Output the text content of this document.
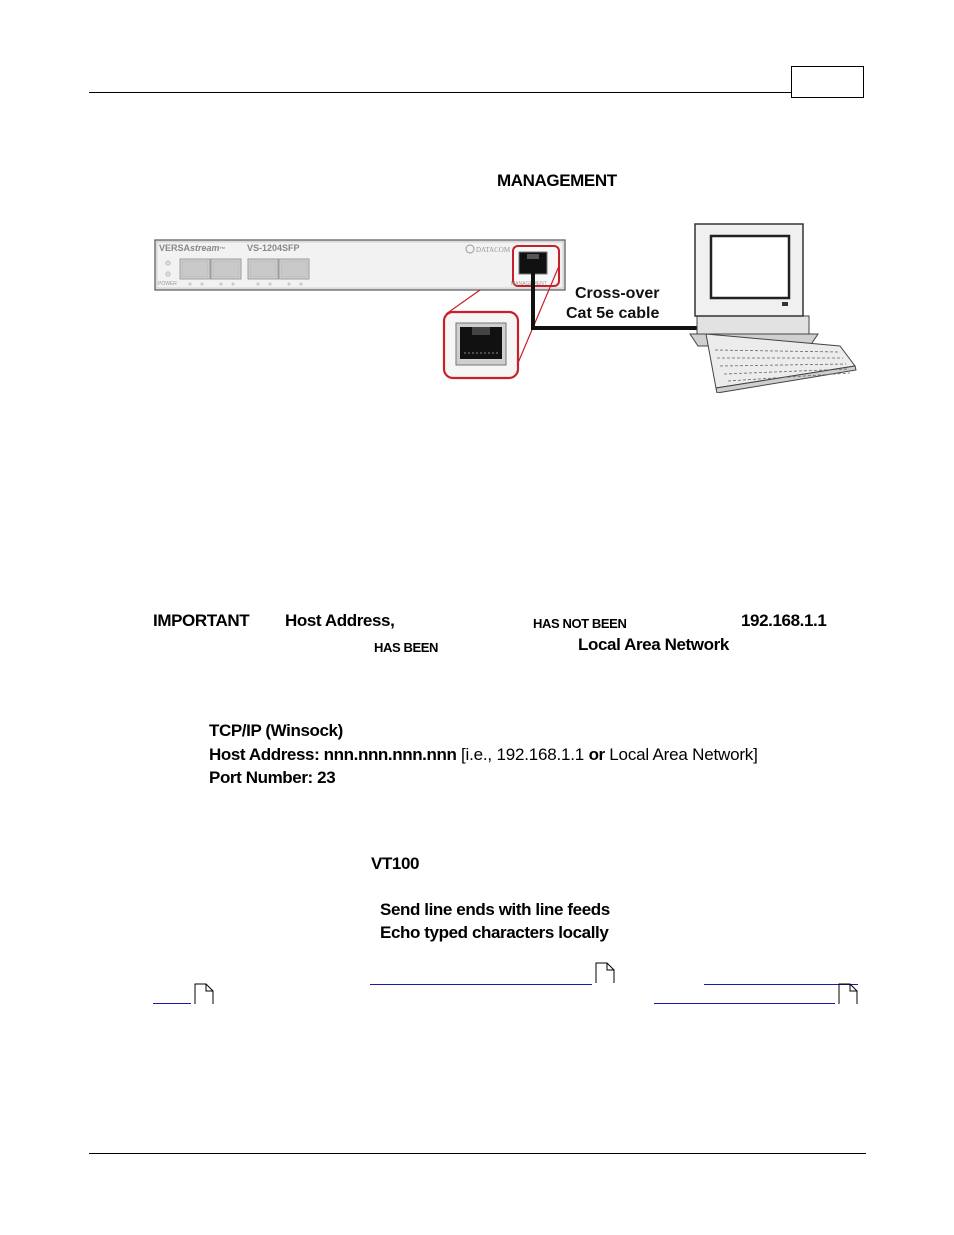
MANAGEMENT
VERSAstream™ VS-1204SFP	DATACOM
POWER	MANAGEMENT
Cross-over
Cat 5e cable
IMPORTANT Host Address,	HAS NOT BEEN	192.168.1.1
HAS BEEN	Local Area Network
TCP/IP (Winsock)
Host Address: nnn.nnn.nnn.nnn [i.e., 192.168.1.1 or Local Area Network]
Port Number: 23
VT100
Send line ends with line feeds
Echo typed characters locally
